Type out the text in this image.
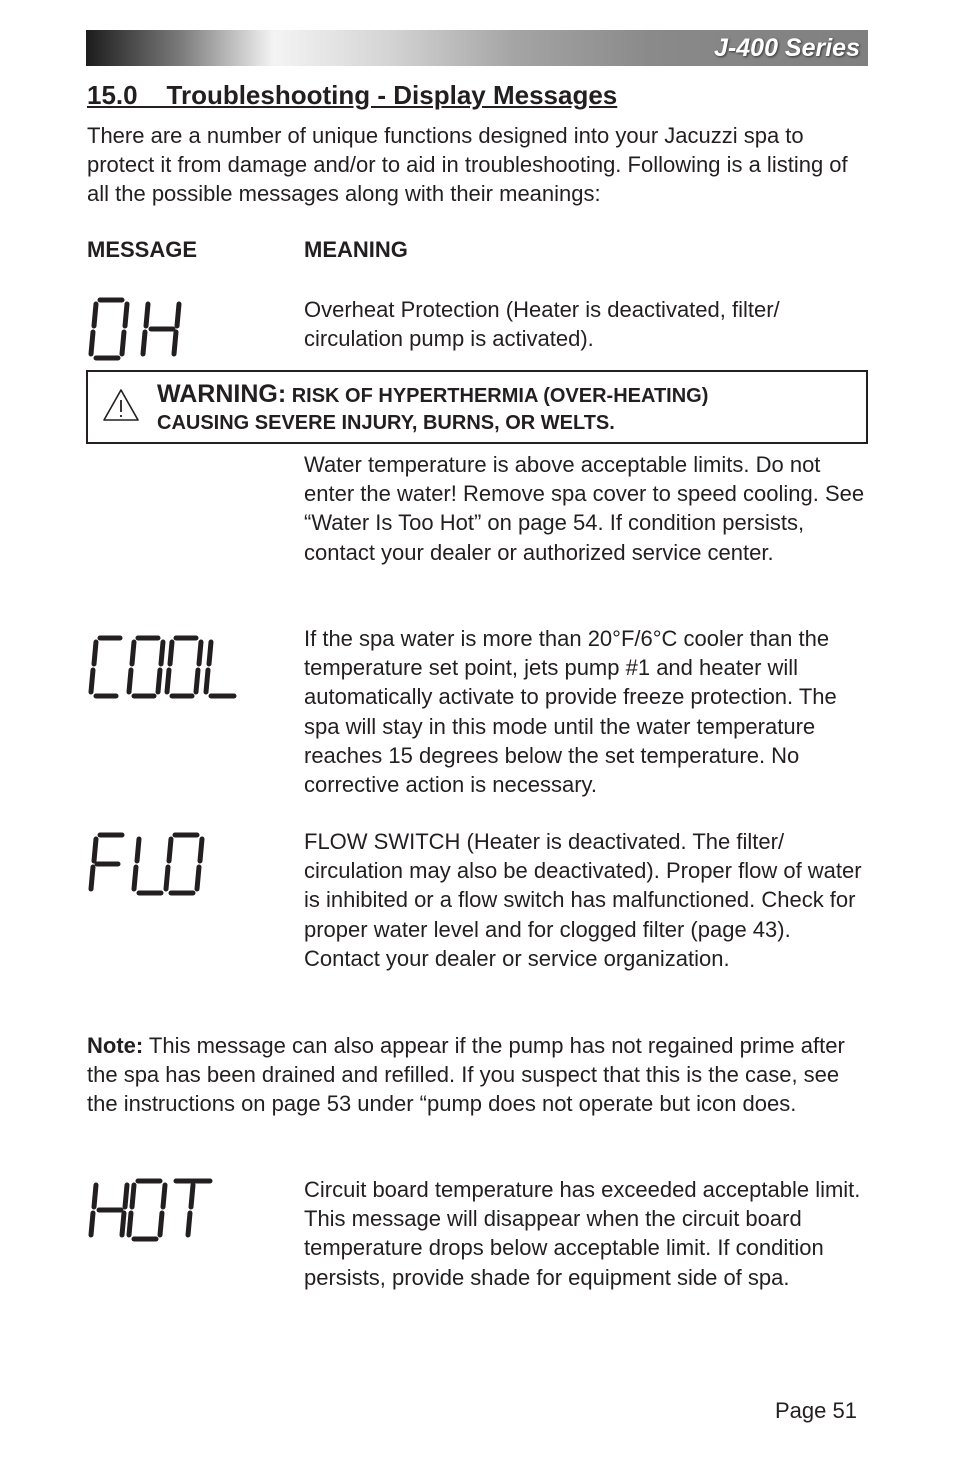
J-400 Series
15.0    Troubleshooting - Display Messages
There are a number of unique functions designed into your Jacuzzi spa to protect it from damage and/or to aid in troubleshooting. Following is a listing of all the possible messages along with their meanings:
MESSAGE	MEANING
Overheat Protection (Heater is deactivated, filter/ circulation pump is activated).
WARNING: RISK OF HYPERTHERMIA (OVER-HEATING)
CAUSING SEVERE INJURY, BURNS, OR WELTS.
Water temperature is above acceptable limits. Do not enter the water! Remove spa cover to speed cooling. See “Water Is Too Hot” on page 54. If condition persists, contact your dealer or authorized service center.
If the spa water is more than 20°F/6°C cooler than the temperature set point, jets pump #1 and heater will automatically activate to provide freeze protection. The spa will stay in this mode until the water temperature reaches 15 degrees below the set temperature. No corrective action is necessary.
FLOW SWITCH (Heater is deactivated. The filter/ circulation may also be deactivated). Proper flow of water is inhibited or a flow switch has malfunctioned. Check for proper water level and for clogged filter (page 43). Contact your dealer or service organization.
Note: This message can also appear if the pump has not regained prime after the spa has been drained and refilled. If you suspect that this is the case, see the instructions on page 53 under “pump does not operate but icon does.
Circuit board temperature has exceeded acceptable limit. This message will disappear when the circuit board temperature drops below acceptable limit. If condition persists, provide shade for equipment side of spa.
Page 51
